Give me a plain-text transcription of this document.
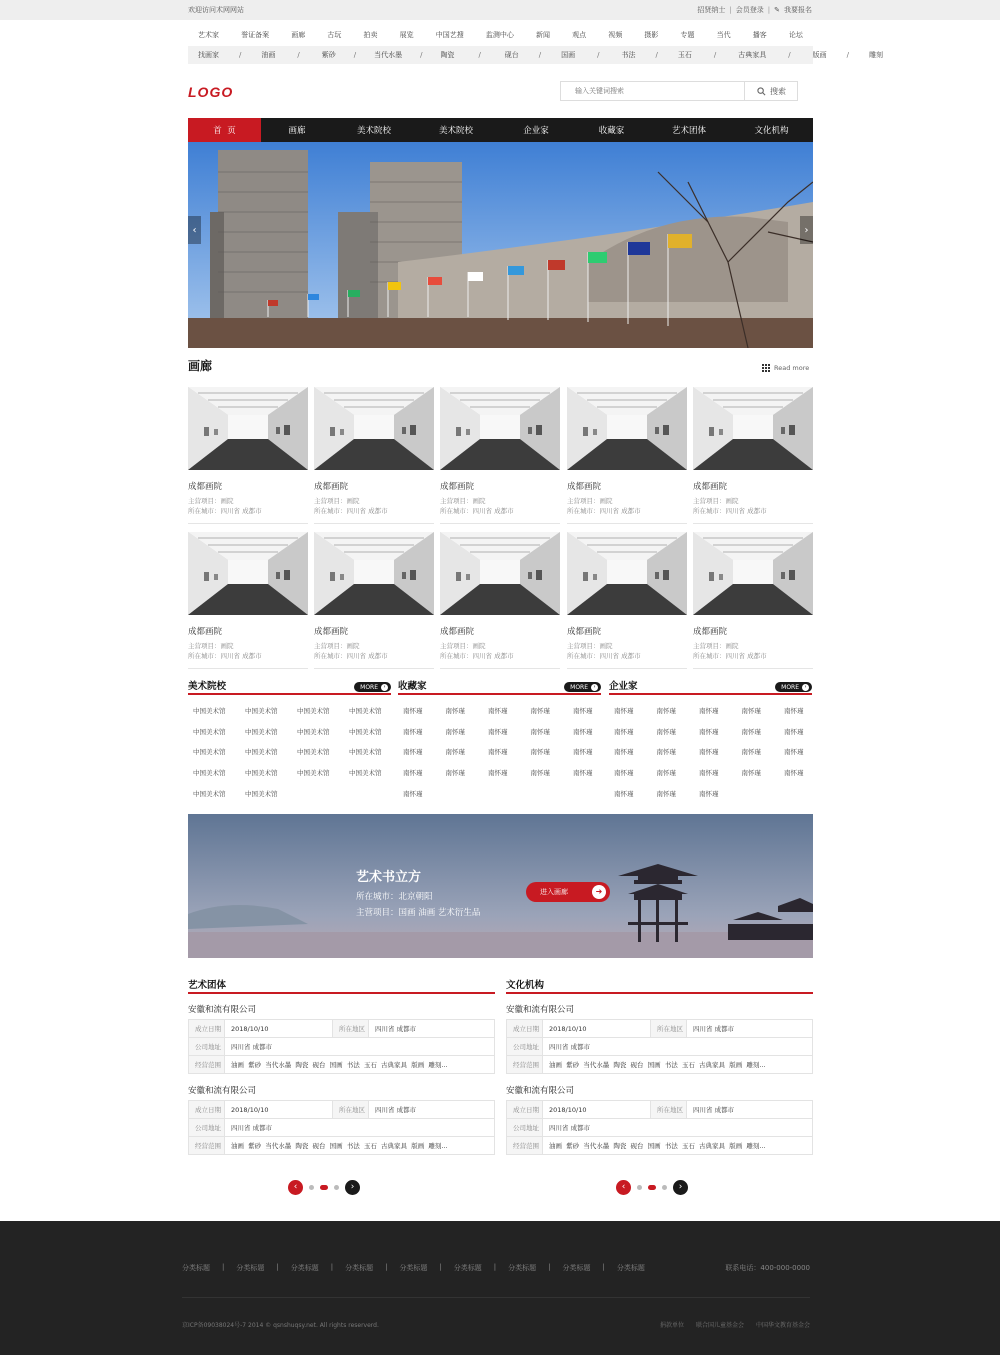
欢迎访问术网网站	招贤纳士 | 会员登录 | ✎ 我要报名
艺术家	誉证备案	画廊	古玩	拍卖	展览	中国艺搜	监测中心	新闻	观点	视频	摄影	专题	当代	播客	论坛
找画家	/	油画	/	紫砂	/	当代水墨	/	陶瓷	/	砚台	/	国画	/	书法	/	玉石	/	古典家具	/	版画	/	雕刻
LOGO
输入关键词搜索	搜索
首  页	画廊	美术院校	美术院校	企业家	收藏家	艺术团体	文化机构
‹	›
画廊	Read more
成都画院
主营项目：画院
所在城市：四川省 成都市
成都画院
主营项目：画院
所在城市：四川省 成都市
成都画院
主营项目：画院
所在城市：四川省 成都市
成都画院
主营项目：画院
所在城市：四川省 成都市
成都画院
主营项目：画院
所在城市：四川省 成都市
成都画院
主营项目：画院
所在城市：四川省 成都市
成都画院
主营项目：画院
所在城市：四川省 成都市
成都画院
主营项目：画院
所在城市：四川省 成都市
成都画院
主营项目：画院
所在城市：四川省 成都市
成都画院
主营项目：画院
所在城市：四川省 成都市
美术院校	MORE	› 收藏家	MORE	› 企业家	MORE	›
中国美术馆	中国美术馆	中国美术馆	中国美术馆
中国美术馆	中国美术馆	中国美术馆	中国美术馆
中国美术馆	中国美术馆	中国美术馆	中国美术馆
中国美术馆	中国美术馆	中国美术馆	中国美术馆
中国美术馆	中国美术馆
南怀瑾	南怀瑾	南怀瑾	南怀瑾	南怀瑾
南怀瑾	南怀瑾	南怀瑾	南怀瑾	南怀瑾
南怀瑾	南怀瑾	南怀瑾	南怀瑾	南怀瑾
南怀瑾	南怀瑾	南怀瑾	南怀瑾	南怀瑾
南怀瑾
南怀瑾	南怀瑾	南怀瑾	南怀瑾	南怀瑾
南怀瑾	南怀瑾	南怀瑾	南怀瑾	南怀瑾
南怀瑾	南怀瑾	南怀瑾	南怀瑾	南怀瑾
南怀瑾	南怀瑾	南怀瑾	南怀瑾	南怀瑾
南怀瑾	南怀瑾	南怀瑾
艺术书立方
所在城市：北京朝阳
主营项目：国画 油画 艺术衍生品
进入画廊	➜
艺术团体	文化机构
安徽和流有限公司
成立日期	2018/10/10	所在地区	四川省 成都市
公司地址	四川省 成都市		
经营范围	油画  紫砂  当代水墨  陶瓷  砚台  国画  书法  玉石  古典家具  版画  雕刻...		
安徽和流有限公司
成立日期	2018/10/10	所在地区	四川省 成都市
公司地址	四川省 成都市		
经营范围	油画  紫砂  当代水墨  陶瓷  砚台  国画  书法  玉石  古典家具  版画  雕刻...		
安徽和流有限公司
成立日期	2018/10/10	所在地区	四川省 成都市
公司地址	四川省 成都市		
经营范围	油画  紫砂  当代水墨  陶瓷  砚台  国画  书法  玉石  古典家具  版画  雕刻...		
安徽和流有限公司
成立日期	2018/10/10	所在地区	四川省 成都市
公司地址	四川省 成都市		
经营范围	油画  紫砂  当代水墨  陶瓷  砚台  国画  书法  玉石  古典家具  版画  雕刻...		
‹	›	‹	›
分类标题 | 分类标题 | 分类标题 | 分类标题 | 分类标题 | 分类标题 | 分类标题 | 分类标题 | 分类标题	联系电话：400-000-0000
京ICP备09038024号-7 2014 © qsnshuqsy.net. All rights reserverd.	捐款单位 联合国儿童基金会 中国华文教育基金会
